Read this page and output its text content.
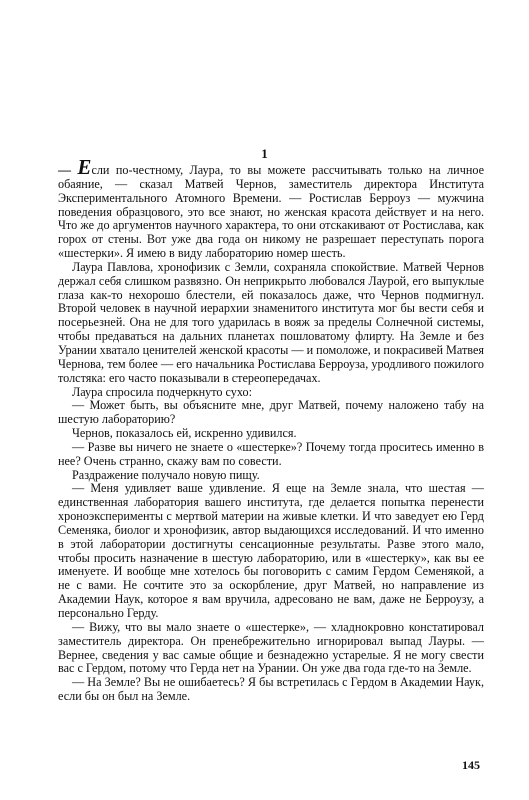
1

— Если по-честному, Лаура, то вы можете рассчитывать только на личное обаяние, — сказал Матвей Чернов, заместитель директора Института Экспериментального Атомного Времени. — Ростислав Берроуз — мужчина поведения образцового, это все знают, но женская красота действует и на него. Что же до аргументов научного характера, то они отскакивают от Ростислава, как горох от стены. Вот уже два года он никому не разрешает переступать порога «шестерки». Я имею в виду лабораторию номер шесть.

Лаура Павлова, хронофизик с Земли, сохраняла спокойствие. Матвей Чернов держал себя слишком развязно. Он неприкрыто любовался Лаурой, его выпуклые глаза как-то нехорошо блестели, ей показалось даже, что Чернов подмигнул. Второй человек в научной иерархии знаменитого института мог бы вести себя и посерьезней. Она не для того ударилась в вояж за пределы Солнечной системы, чтобы предаваться на дальних планетах пошловатому флирту. На Земле и без Урании хватало ценителей женской красоты — и помоложе, и покрасивей Матвея Чернова, тем более — его начальника Ростислава Берроуза, уродливого пожилого толстяка: его часто показывали в стереопередачах.

Лаура спросила подчеркнуто сухо:

— Может быть, вы объясните мне, друг Матвей, почему наложено табу на шестую лабораторию?

Чернов, показалось ей, искренно удивился.

— Разве вы ничего не знаете о «шестерке»? Почему тогда проситесь именно в нее? Очень странно, скажу вам по совести.

Раздражение получало новую пищу.

— Меня удивляет ваше удивление. Я еще на Земле знала, что шестая — единственная лаборатория вашего института, где делается попытка перенести хроноэксперименты с мертвой материи на живые клетки. И что заведует ею Герд Семеняка, биолог и хронофизик, автор выдающихся исследований. И что именно в этой лаборатории достигнуты сенсационные результаты. Разве этого мало, чтобы просить назначение в шестую лабораторию, или в «шестерку», как вы ее именуете. И вообще мне хотелось бы поговорить с самим Гердом Семенякой, а не с вами. Не сочтите это за оскорбление, друг Матвей, но направление из Академии Наук, которое я вам вручила, адресовано не вам, даже не Берроузу, а персонально Герду.

— Вижу, что вы мало знаете о «шестерке», — хладнокровно констатировал заместитель директора. Он пренебрежительно игнорировал выпад Лауры. — Вернее, сведения у вас самые общие и безнадежно устарелые. Я не могу свести вас с Гердом, потому что Герда нет на Урании. Он уже два года где-то на Земле.

— На Земле? Вы не ошибаетесь? Я бы встретилась с Гердом в Академии Наук, если бы он был на Земле.

145
